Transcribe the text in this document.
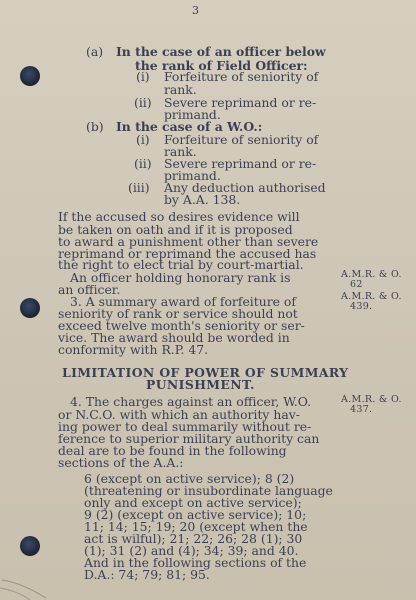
3
(a) In the case of an officer below
the rank of Field Officer:
(i) Forfeiture of seniority of
rank.
(ii) Severe reprimand or re-
primand.
(b) In the case of a W.O.:
(i) Forfeiture of seniority of
rank.
(ii) Severe reprimand or re-
primand.
(iii) Any deduction authorised
by A.A. 138.
If the accused so desires evidence will
be taken on oath and if it is proposed
to award a punishment other than severe
reprimand or reprimand the accused has
the right to elect trial by court-martial.
An officer holding honorary rank is
an officer.
A.M.R. & O.
62
3. A summary award of forfeiture of
seniority of rank or service should not
exceed twelve month's seniority or ser-
vice. The award should be worded in
conformity with R.P. 47.
A.M.R. & O.
439.
LIMITATION OF POWER OF SUMMARY
PUNISHMENT.
4. The charges against an officer, W.O.
or N.C.O. with which an authority hav-
ing power to deal summarily without re-
ference to superior military authority can
deal are to be found in the following
sections of the A.A.:
A.M.R. & O.
437.
6 (except on active service); 8 (2)
(threatening or insubordinate language
only and except on active service);
9 (2) (except on active service); 10;
11; 14; 15; 19; 20 (except when the
act is wilful); 21; 22; 26; 28 (1); 30
(1); 31 (2) and (4); 34; 39; and 40.
And in the following sections of the
D.A.: 74; 79; 81; 95.
